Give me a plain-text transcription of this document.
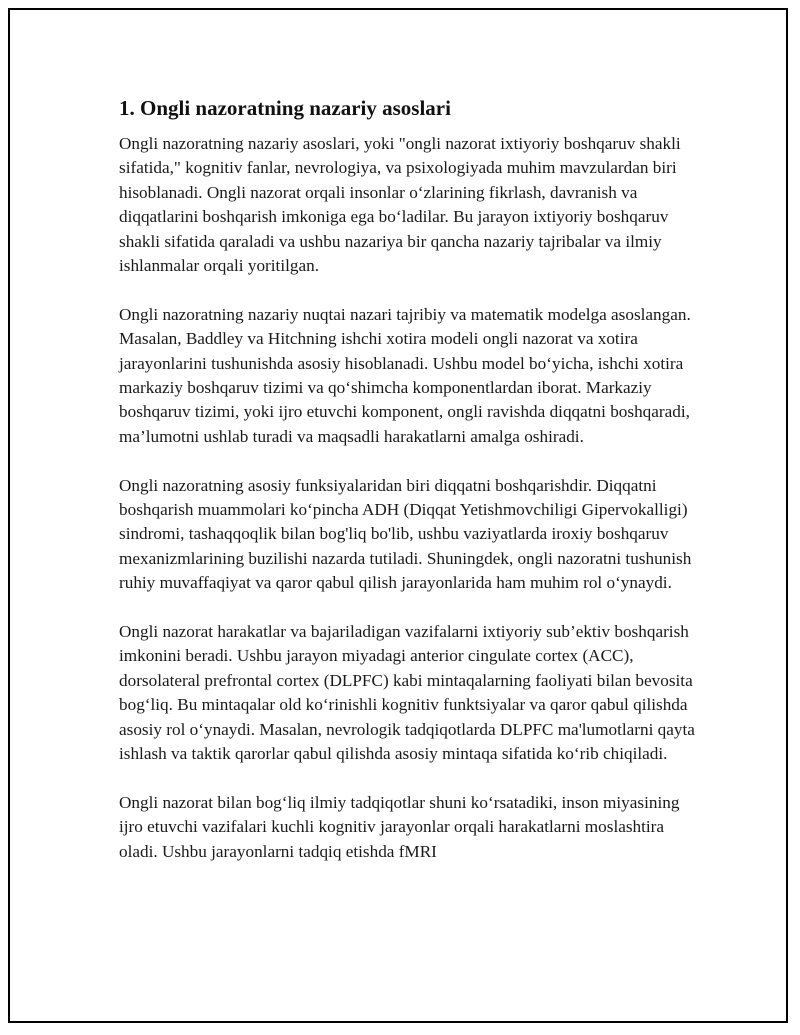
1. Ongli nazoratning nazariy asoslari

Ongli nazoratning nazariy asoslari, yoki "ongli nazorat ixtiyoriy boshqaruv shakli sifatida," kognitiv fanlar, nevrologiya, va psixologiyada muhim mavzulardan biri hisoblanadi. Ongli nazorat orqali insonlar o‘zlarining fikrlash, davranish va diqqatlarini boshqarish imkoniga ega bo‘ladilar. Bu jarayon ixtiyoriy boshqaruv shakli sifatida qaraladi va ushbu nazariya bir qancha nazariy tajribalar va ilmiy ishlanmalar orqali yoritilgan.

Ongli nazoratning nazariy nuqtai nazari tajribiy va matematik modelga asoslangan. Masalan, Baddley va Hitchning ishchi xotira modeli ongli nazorat va xotira jarayonlarini tushunishda asosiy hisoblanadi. Ushbu model bo‘yicha, ishchi xotira markaziy boshqaruv tizimi va qo‘shimcha komponentlardan iborat. Markaziy boshqaruv tizimi, yoki ijro etuvchi komponent, ongli ravishda diqqatni boshqaradi, ma’lumotni ushlab turadi va maqsadli harakatlarni amalga oshiradi.

Ongli nazoratning asosiy funksiyalaridan biri diqqatni boshqarishdir. Diqqatni boshqarish muammolari ko‘pincha ADH (Diqqat Yetishmovchiligi Gipervokalligi) sindromi, tashaqqoqlik bilan bog'liq bo'lib, ushbu vaziyatlarda iroxiy boshqaruv mexanizmlarining buzilishi nazarda tutiladi. Shuningdek, ongli nazoratni tushunish ruhiy muvaffaqiyat va qaror qabul qilish jarayonlarida ham muhim rol o‘ynaydi.

Ongli nazorat harakatlar va bajariladigan vazifalarni ixtiyoriy sub’ektiv boshqarish imkonini beradi. Ushbu jarayon miyadagi anterior cingulate cortex (ACC), dorsolateral prefrontal cortex (DLPFC) kabi mintaqalarning faoliyati bilan bevosita bog‘liq. Bu mintaqalar old ko‘rinishli kognitiv funktsiyalar va qaror qabul qilishda asosiy rol o‘ynaydi. Masalan, nevrologik tadqiqotlarda DLPFC ma'lumotlarni qayta ishlash va taktik qarorlar qabul qilishda asosiy mintaqa sifatida ko‘rib chiqiladi.

Ongli nazorat bilan bog‘liq ilmiy tadqiqotlar shuni ko‘rsatadiki, inson miyasining ijro etuvchi vazifalari kuchli kognitiv jarayonlar orqali harakatlarni moslashtira oladi. Ushbu jarayonlarni tadqiq etishda fMRI
